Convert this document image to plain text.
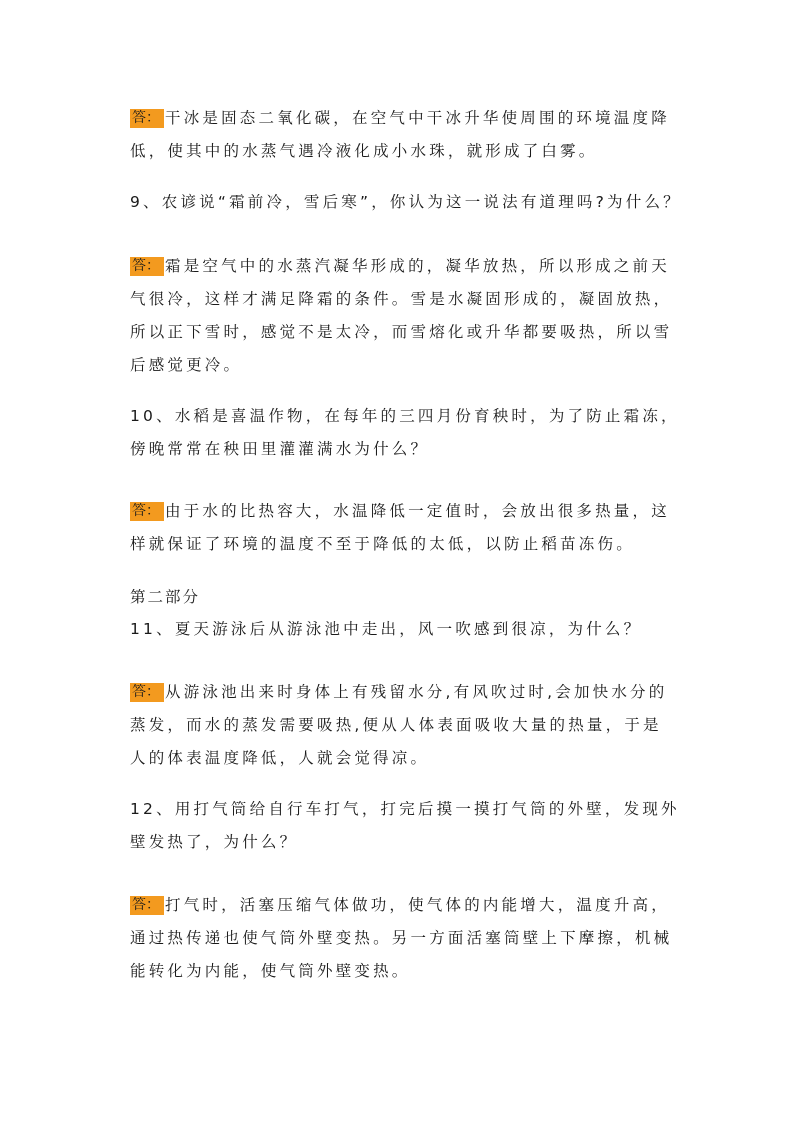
答： 干冰是固态二氧化碳，在空气中干冰升华使周围的环境温度降
低，使其中的水蒸气遇冷液化成小水珠，就形成了白雾。
9、农谚说“霜前冷，雪后寒”，你认为这一说法有道理吗?为什么？
答： 霜是空气中的水蒸汽凝华形成的，凝华放热，所以形成之前天
气很冷，这样才满足降霜的条件。雪是水凝固形成的，凝固放热，
所以正下雪时，感觉不是太冷，而雪熔化或升华都要吸热，所以雪
后感觉更冷。
10、水稻是喜温作物，在每年的三四月份育秧时，为了防止霜冻，
傍晚常常在秧田里灌灌满水为什么？
答： 由于水的比热容大，水温降低一定值时，会放出很多热量，这
样就保证了环境的温度不至于降低的太低，以防止稻苗冻伤。
第二部分
11、夏天游泳后从游泳池中走出，风一吹感到很凉，为什么？
答： 从游泳池出来时身体上有残留水分,有风吹过时,会加快水分的
蒸发，而水的蒸发需要吸热,便从人体表面吸收大量的热量，于是
人的体表温度降低，人就会觉得凉。
12、用打气筒给自行车打气，打完后摸一摸打气筒的外壁，发现外
壁发热了，为什么？
答： 打气时，活塞压缩气体做功，使气体的内能增大，温度升高，
通过热传递也使气筒外壁变热。另一方面活塞筒壁上下摩擦，机械
能转化为内能，使气筒外壁变热。
